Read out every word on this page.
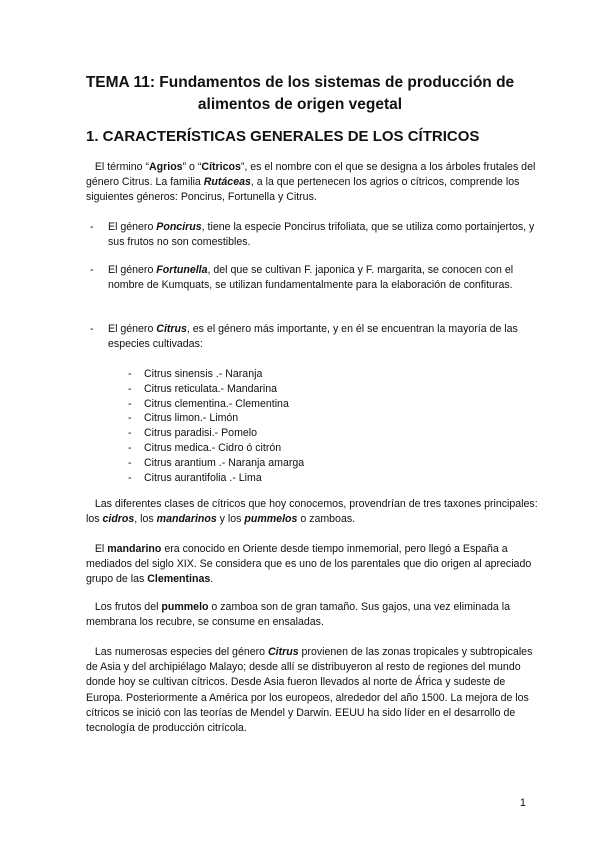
TEMA 11: Fundamentos de los sistemas de producción de
alimentos de origen vegetal
1. CARACTERÍSTICAS GENERALES DE LOS CÍTRICOS

El término “Agrios” o “Cítricos”, es el nombre con el que se designa a los árboles frutales del género Citrus. La familia Rutáceas, a la que pertenecen los agrios o cítricos, comprende los siguientes géneros: Poncirus, Fortunella y Citrus.

- El género Poncirus, tiene la especie Poncirus trifoliata, que se utiliza como portainjertos, y sus frutos no son comestibles.
- El género Fortunella, del que se cultivan F. japonica y F. margarita, se conocen con el nombre de Kumquats, se utilizan fundamentalmente para la elaboración de confituras.
- El género Citrus, es el género más importante, y en él se encuentran la mayoría de las especies cultivadas:
- Citrus sinensis .- Naranja
- Citrus reticulata.- Mandarina
- Citrus clementina.- Clementina
- Citrus limon.- Limón
- Citrus paradisi.- Pomelo
- Citrus medica.- Cidro ó citrón
- Citrus arantium .- Naranja amarga
- Citrus aurantifolia .- Lima

Las diferentes clases de cítricos que hoy conocemos, provendrían de tres taxones principales: los cidros, los mandarinos y los pummelos o zamboas.

El mandarino era conocido en Oriente desde tiempo inmemorial, pero llegó a España a mediados del siglo XIX. Se considera que es uno de los parentales que dio origen al apreciado grupo de las Clementinas.

Los frutos del pummelo o zamboa son de gran tamaño. Sus gajos, una vez eliminada la membrana los recubre, se consume en ensaladas.

Las numerosas especies del género Citrus provienen de las zonas tropicales y subtropicales de Asia y del archipiélago Malayo; desde allí se distribuyeron al resto de regiones del mundo donde hoy se cultivan cítricos. Desde Asia fueron llevados al norte de África y sudeste de Europa. Posteriormente a América por los europeos, alrededor del año 1500. La mejora de los cítricos se inició con las teorías de Mendel y Darwin. EEUU ha sido líder en el desarrollo de tecnología de producción citrícola.

1
